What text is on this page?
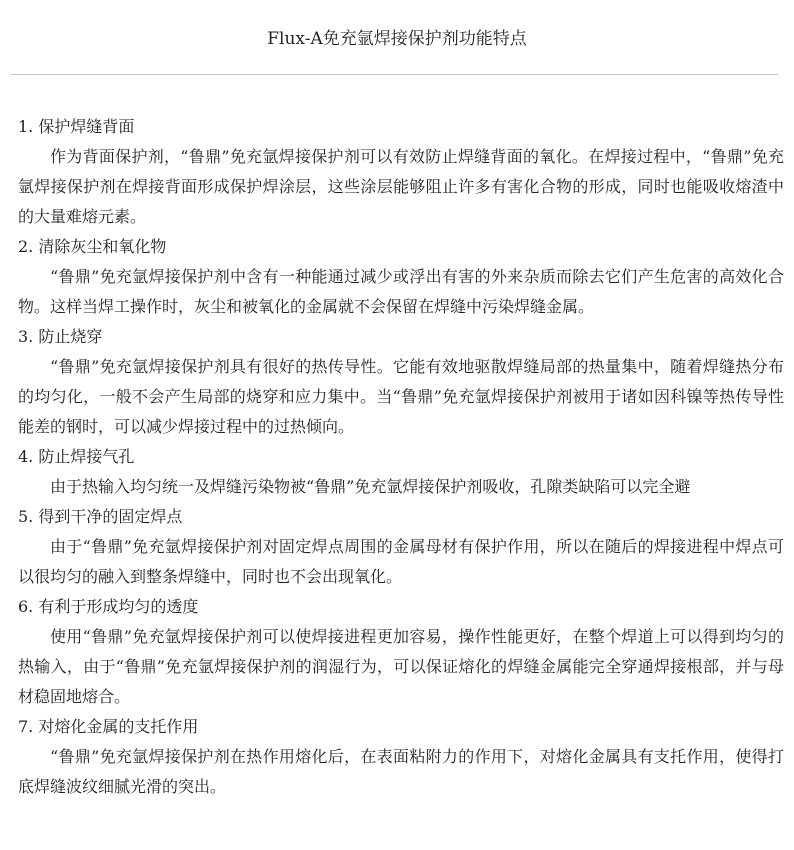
Flux-A免充氩焊接保护剂功能特点
1. 保护焊缝背面

作为背面保护剂，“鲁鼎”免充氩焊接保护剂可以有效防止焊缝背面的氧化。在焊接过程中，“鲁鼎”免充氩焊接保护剂在焊接背面形成保护焊涂层，这些涂层能够阻止许多有害化合物的形成，同时也能吸收熔渣中的大量难熔元素。

2. 清除灰尘和氧化物

“鲁鼎”免充氩焊接保护剂中含有一种能通过减少或浮出有害的外来杂质而除去它们产生危害的高效化合物。这样当焊工操作时，灰尘和被氧化的金属就不会保留在焊缝中污染焊缝金属。

3. 防止烧穿

“鲁鼎”免充氩焊接保护剂具有很好的热传导性。它能有效地驱散焊缝局部的热量集中，随着焊缝热分布的均匀化，一般不会产生局部的烧穿和应力集中。当“鲁鼎”免充氩焊接保护剂被用于诸如因科镍等热传导性能差的钢时，可以减少焊接过程中的过热倾向。

4. 防止焊接气孔

由于热输入均匀统一及焊缝污染物被“鲁鼎”免充氩焊接保护剂吸收，孔隙类缺陷可以完全避

5. 得到干净的固定焊点

由于“鲁鼎”免充氩焊接保护剂对固定焊点周围的金属母材有保护作用，所以在随后的焊接进程中焊点可以很均匀的融入到整条焊缝中，同时也不会出现氧化。

6. 有利于形成均匀的透度

使用“鲁鼎”免充氩焊接保护剂可以使焊接进程更加容易，操作性能更好，在整个焊道上可以得到均匀的热输入，由于“鲁鼎”免充氩焊接保护剂的润湿行为，可以保证熔化的焊缝金属能完全穿通焊接根部，并与母材稳固地熔合。

7. 对熔化金属的支托作用

“鲁鼎”免充氩焊接保护剂在热作用熔化后，在表面粘附力的作用下，对熔化金属具有支托作用，使得打底焊缝波纹细腻光滑的突出。
